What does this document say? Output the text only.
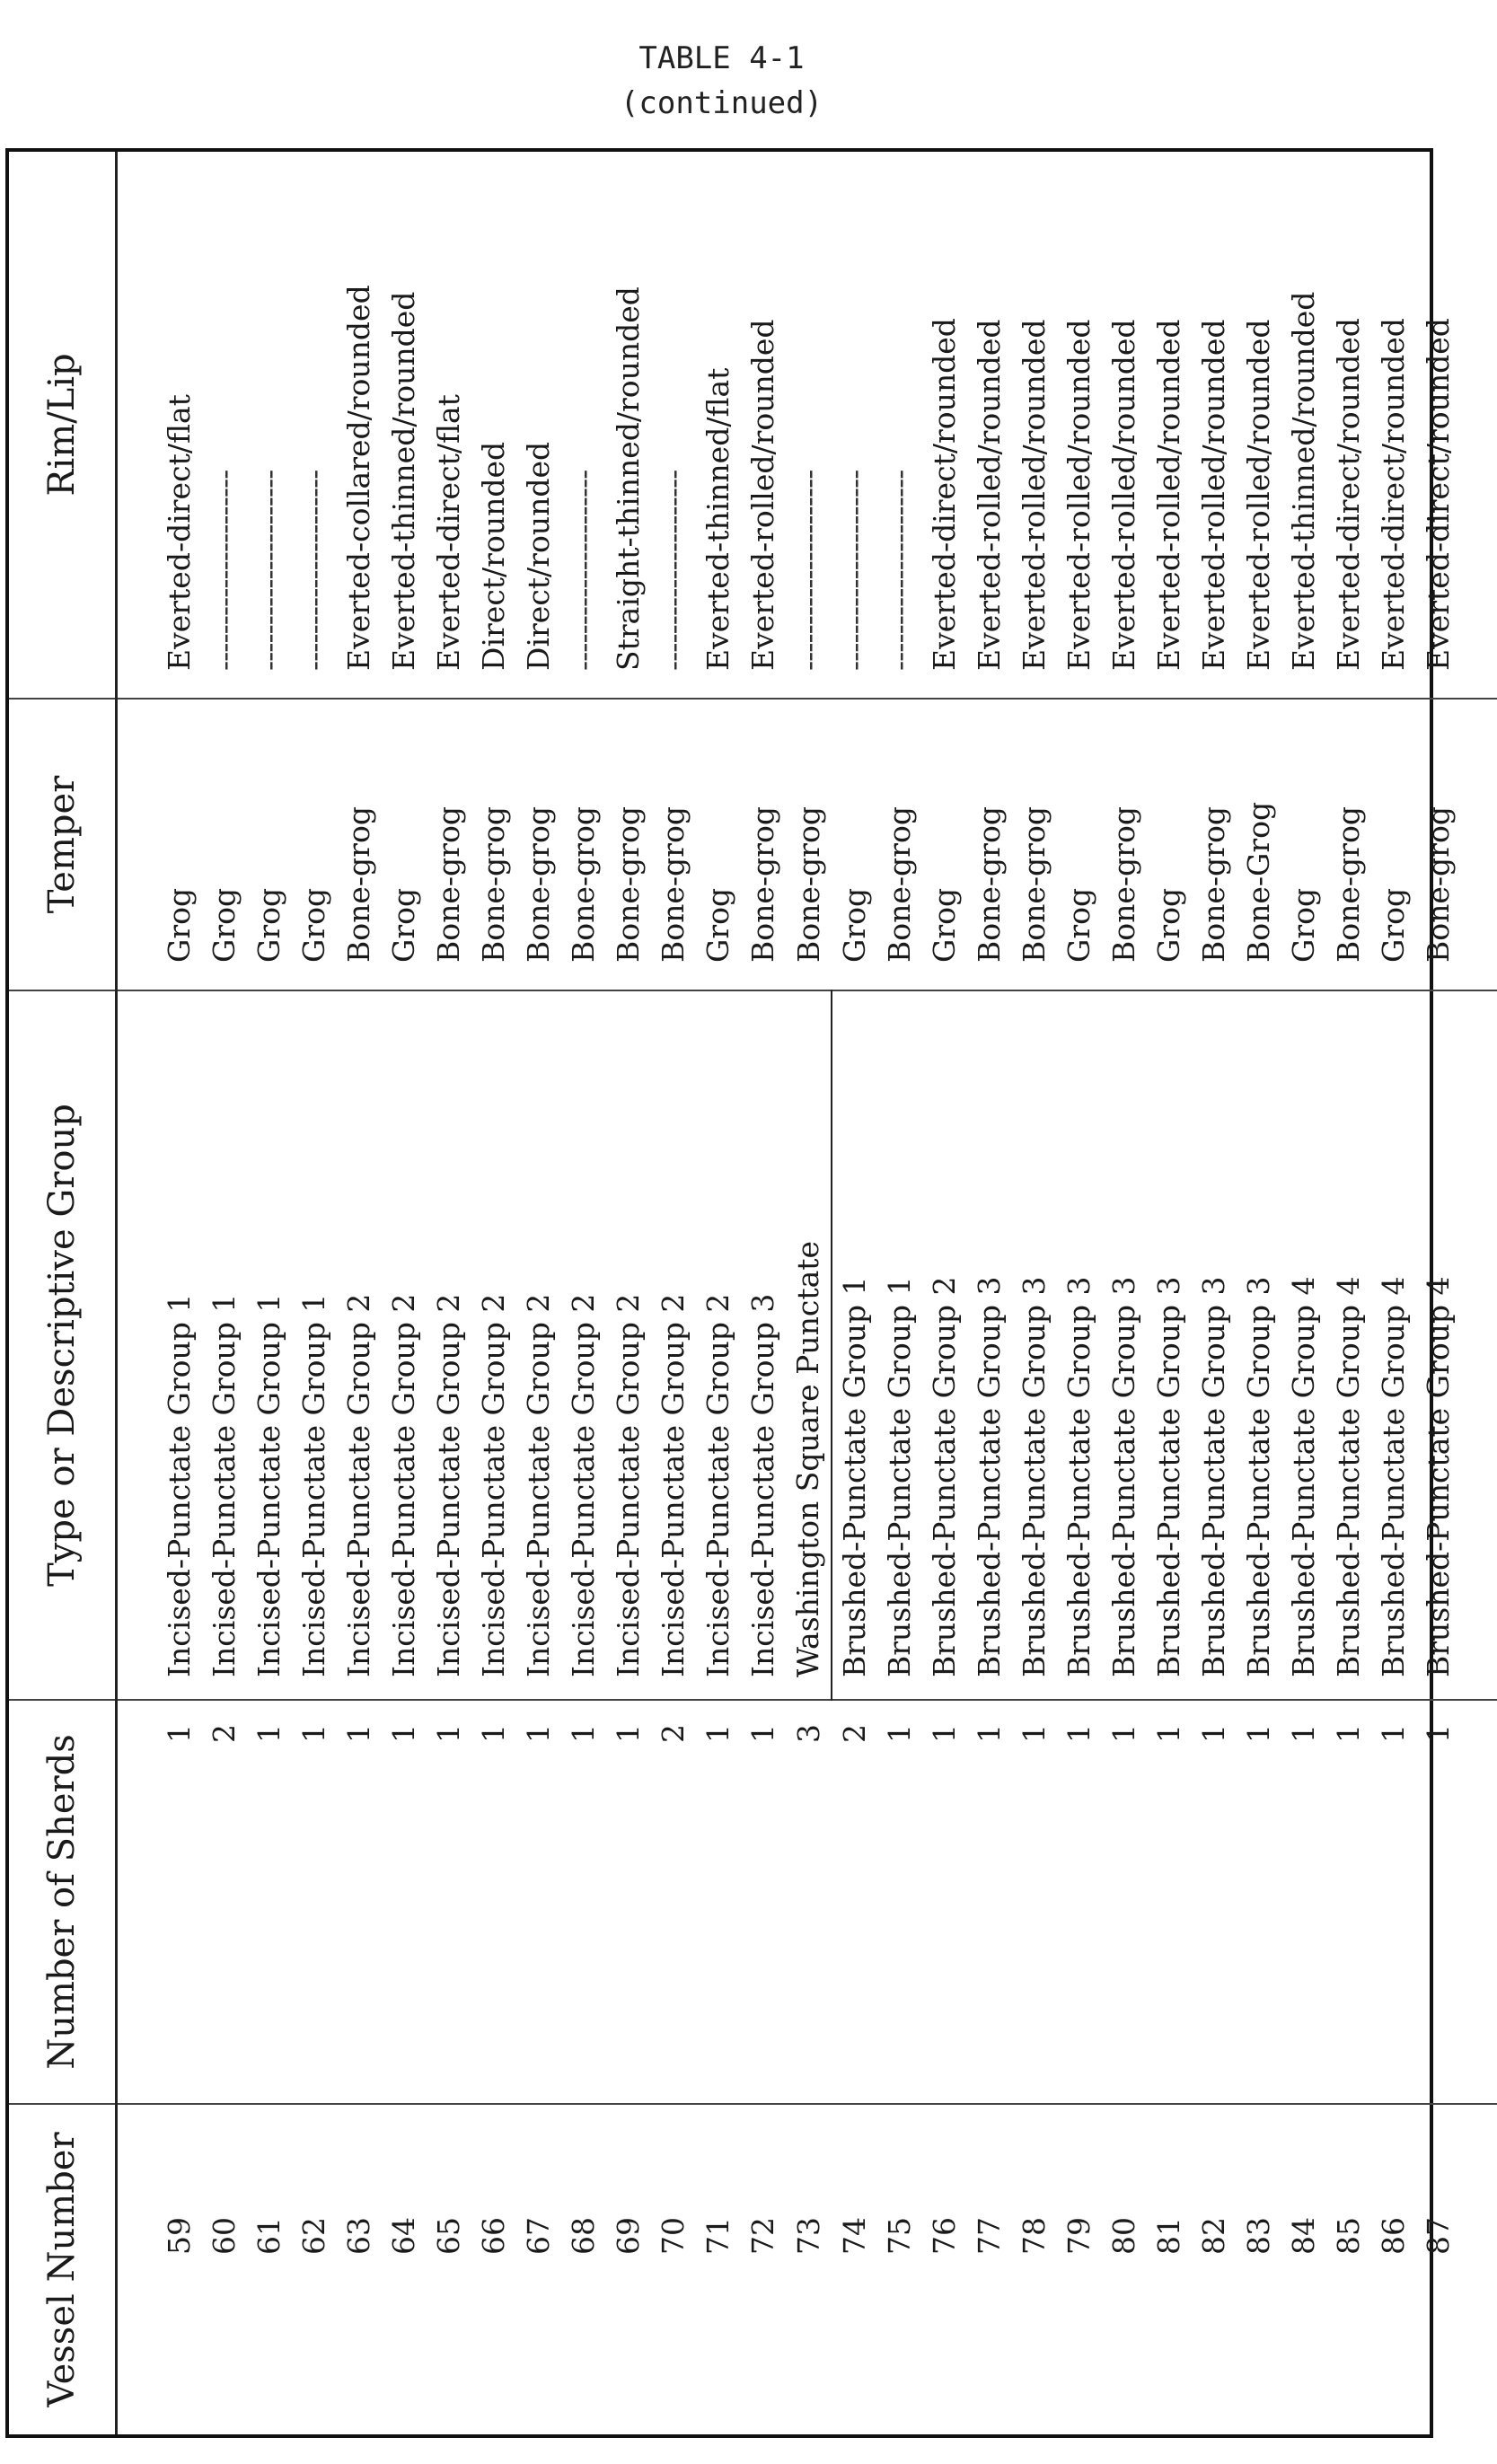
TABLE 4-1
(continued)
Vessel Number	Number of Sherds	Type or Descriptive Group	Temper	Rim/Lip

59	1	Incised-Punctate Group 1	Grog	Everted-direct/flat
60	2	Incised-Punctate Group 1	Grog	----------------------
61	1	Incised-Punctate Group 1	Grog	----------------------
62	1	Incised-Punctate Group 1	Grog	----------------------
63	1	Incised-Punctate Group 2	Bone-grog	Everted-collared/rounded
64	1	Incised-Punctate Group 2	Grog	Everted-thinned/rounded
65	1	Incised-Punctate Group 2	Bone-grog	Everted-direct/flat
66	1	Incised-Punctate Group 2	Bone-grog	Direct/rounded
67	1	Incised-Punctate Group 2	Bone-grog	Direct/rounded
68	1	Incised-Punctate Group 2	Bone-grog	----------------------
69	1	Incised-Punctate Group 2	Bone-grog	Straight-thinned/rounded
70	2	Incised-Punctate Group 2	Bone-grog	----------------------
71	1	Incised-Punctate Group 2	Grog	Everted-thinned/flat
72	1	Incised-Punctate Group 3	Bone-grog	Everted-rolled/rounded
73	3	Washington Square Punctate	Bone-grog	----------------------
74	2	Brushed-Punctate Group 1	Grog	----------------------
75	1	Brushed-Punctate Group 1	Bone-grog	----------------------
76	1	Brushed-Punctate Group 2	Grog	Everted-direct/rounded
77	1	Brushed-Punctate Group 3	Bone-grog	Everted-rolled/rounded
78	1	Brushed-Punctate Group 3	Bone-grog	Everted-rolled/rounded
79	1	Brushed-Punctate Group 3	Grog	Everted-rolled/rounded
80	1	Brushed-Punctate Group 3	Bone-grog	Everted-rolled/rounded
81	1	Brushed-Punctate Group 3	Grog	Everted-rolled/rounded
82	1	Brushed-Punctate Group 3	Bone-grog	Everted-rolled/rounded
83	1	Brushed-Punctate Group 3	Bone-Grog	Everted-rolled/rounded
84	1	Brushed-Punctate Group 4	Grog	Everted-thinned/rounded
85	1	Brushed-Punctate Group 4	Bone-grog	Everted-direct/rounded
86	1	Brushed-Punctate Group 4	Grog	Everted-direct/rounded
87	1	Brushed-Punctate Group 4	Bone-grog	Everted-direct/rounded
